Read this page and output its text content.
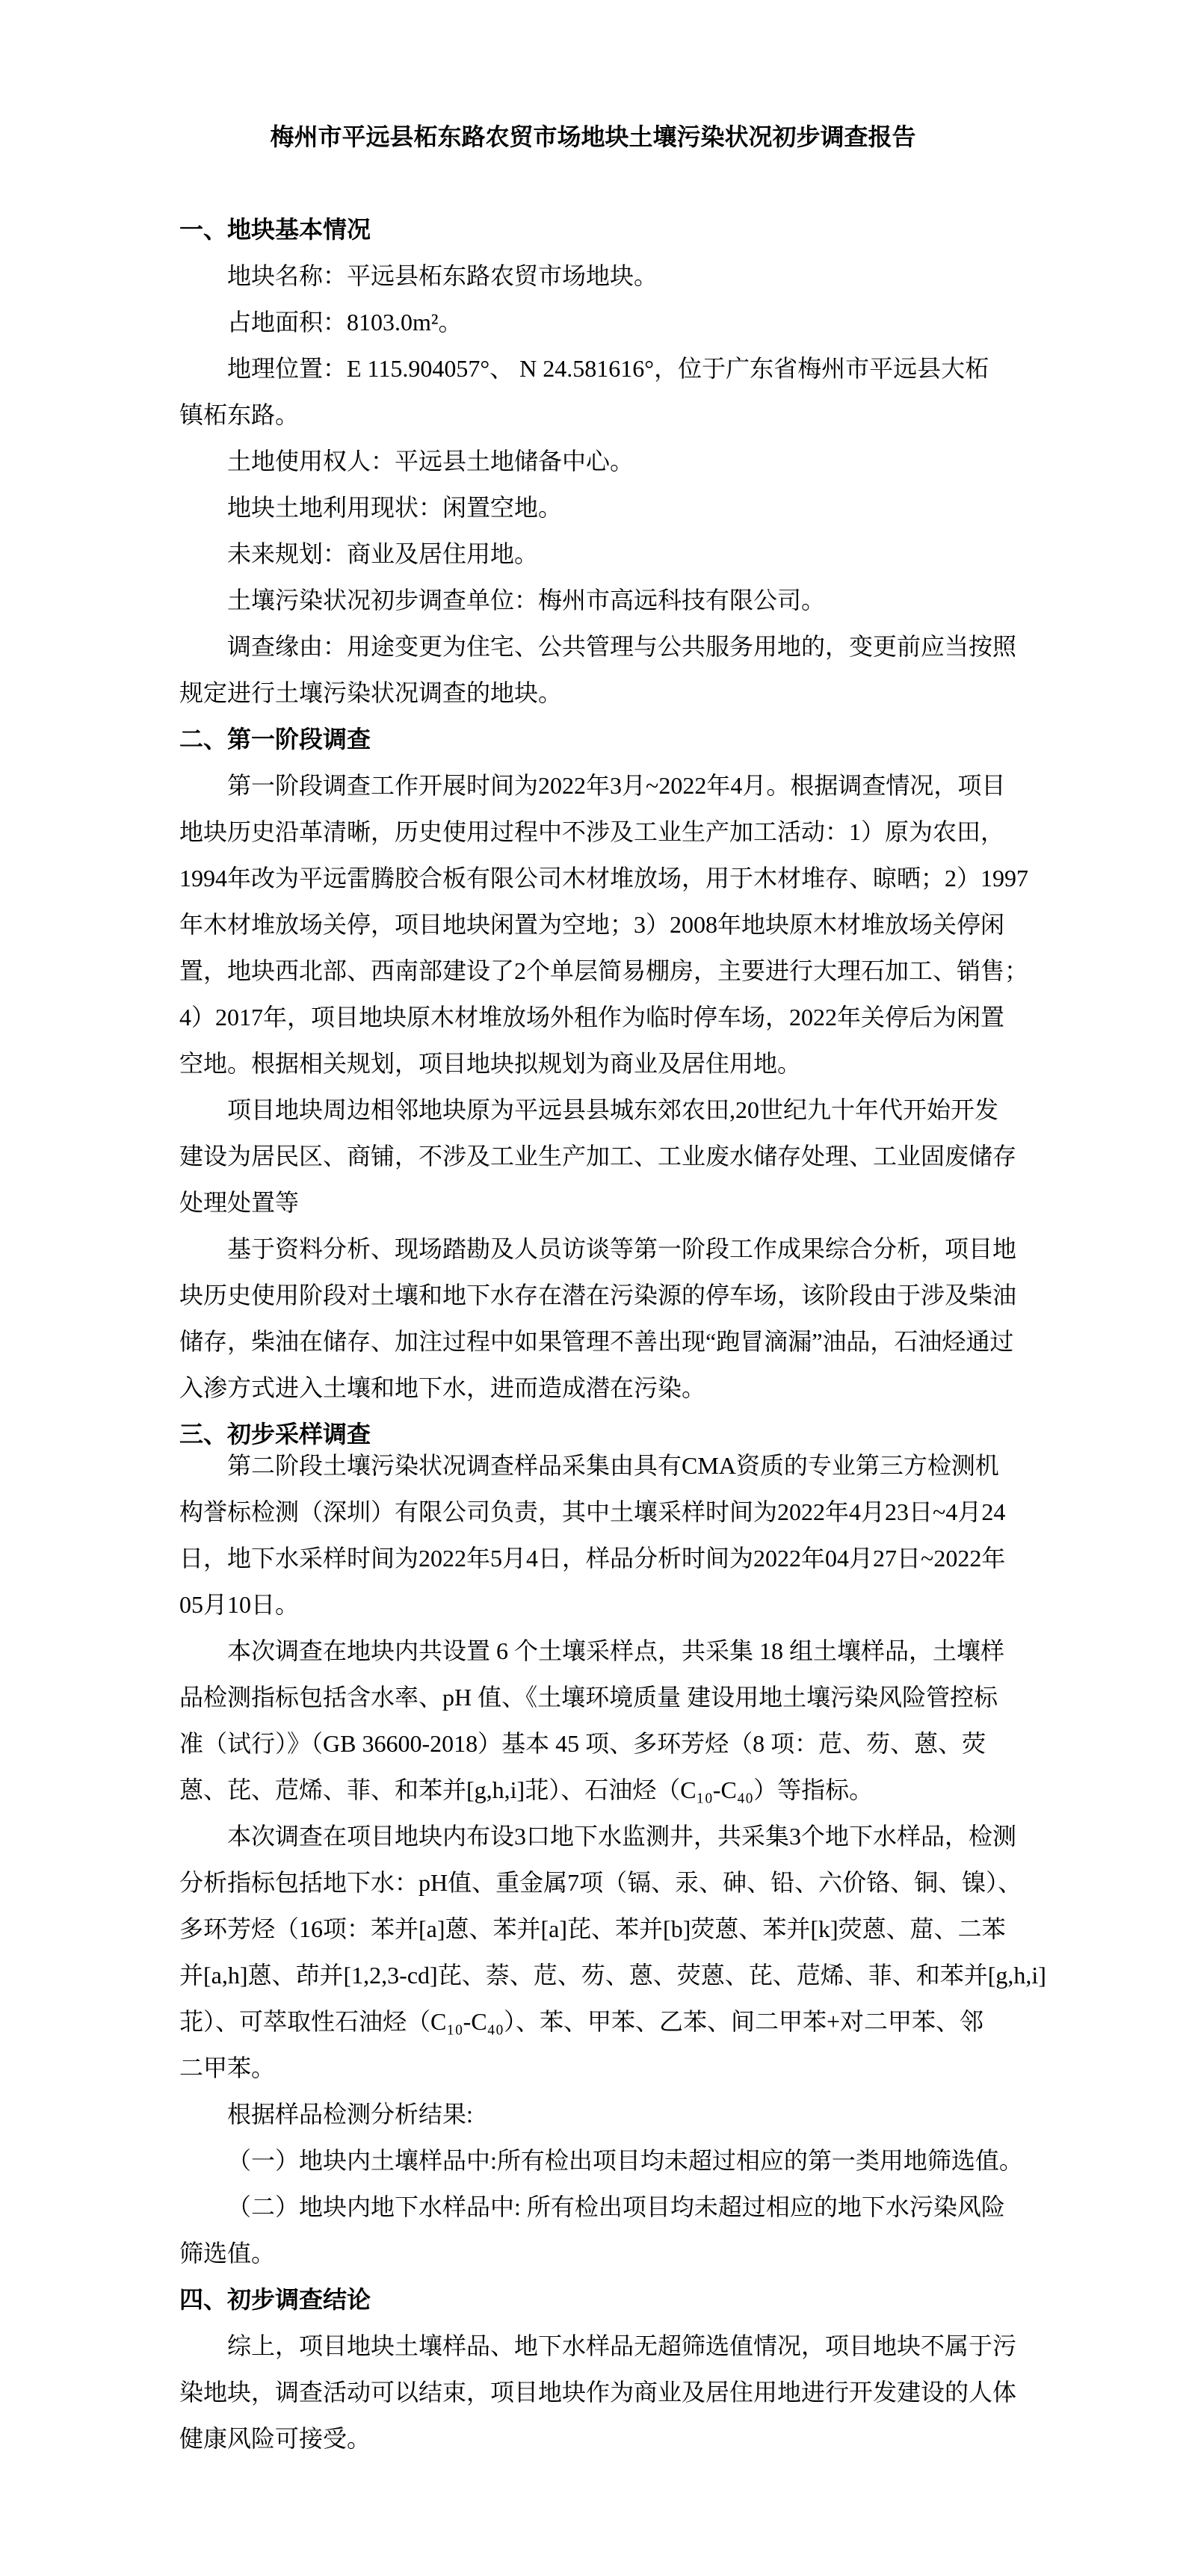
梅州市平远县柘东路农贸市场地块土壤污染状况初步调查报告
一、地块基本情况
地块名称：平远县柘东路农贸市场地块。
占地面积：8103.0m²。
地理位置：E 115.904057°、 N 24.581616°，位于广东省梅州市平远县大柘
镇柘东路。
土地使用权人：平远县土地储备中心。
地块土地利用现状：闲置空地。
未来规划：商业及居住用地。
土壤污染状况初步调查单位：梅州市高远科技有限公司。
调查缘由：用途变更为住宅、公共管理与公共服务用地的，变更前应当按照
规定进行土壤污染状况调查的地块。
二、第一阶段调查
第一阶段调查工作开展时间为2022年3月~2022年4月。根据调查情况，项目
地块历史沿革清晰，历史使用过程中不涉及工业生产加工活动：1）原为农田，
1994年改为平远雷腾胶合板有限公司木材堆放场，用于木材堆存、晾晒；2）1997
年木材堆放场关停，项目地块闲置为空地；3）2008年地块原木材堆放场关停闲
置，地块西北部、西南部建设了2个单层简易棚房，主要进行大理石加工、销售；
4）2017年，项目地块原木材堆放场外租作为临时停车场，2022年关停后为闲置
空地。根据相关规划，项目地块拟规划为商业及居住用地。
项目地块周边相邻地块原为平远县县城东郊农田,20世纪九十年代开始开发
建设为居民区、商铺，不涉及工业生产加工、工业废水储存处理、工业固废储存
处理处置等
基于资料分析、现场踏勘及人员访谈等第一阶段工作成果综合分析，项目地
块历史使用阶段对土壤和地下水存在潜在污染源的停车场，该阶段由于涉及柴油
储存，柴油在储存、加注过程中如果管理不善出现“跑冒滴漏”油品，石油烃通过
入渗方式进入土壤和地下水，进而造成潜在污染。
三、初步采样调查
第二阶段土壤污染状况调查样品采集由具有CMA资质的专业第三方检测机
构誉标检测（深圳）有限公司负责，其中土壤采样时间为2022年4月23日~4月24
日，地下水采样时间为2022年5月4日，样品分析时间为2022年04月27日~2022年
05月10日。
本次调查在地块内共设置 6 个土壤采样点，共采集 18 组土壤样品，土壤样
品检测指标包括含水率、pH 值、《土壤环境质量 建设用地土壤污染风险管控标
准（试行）》（GB 36600-2018）基本 45 项、多环芳烃（8 项：苊、芴、蒽、荧
蒽、芘、苊烯、菲、和苯并[g,h,i]苝）、石油烃（C₁₀-C₄₀）等指标。
本次调查在项目地块内布设3口地下水监测井，共采集3个地下水样品，检测
分析指标包括地下水：pH值、重金属7项（镉、汞、砷、铅、六价铬、铜、镍）、
多环芳烃（16项：苯并[a]蒽、苯并[a]芘、苯并[b]荧蒽、苯并[k]荧蒽、䓛、二苯
并[a,h]蒽、茚并[1,2,3-cd]芘、萘、苊、芴、蒽、荧蒽、芘、苊烯、菲、和苯并[g,h,i]
苝）、可萃取性石油烃（C₁₀-C₄₀）、苯、甲苯、乙苯、间二甲苯+对二甲苯、邻
二甲苯。
根据样品检测分析结果:
（一）地块内土壤样品中:所有检出项目均未超过相应的第一类用地筛选值。
（二）地块内地下水样品中: 所有检出项目均未超过相应的地下水污染风险
筛选值。
四、初步调查结论
综上，项目地块土壤样品、地下水样品无超筛选值情况，项目地块不属于污
染地块，调查活动可以结束，项目地块作为商业及居住用地进行开发建设的人体
健康风险可接受。
